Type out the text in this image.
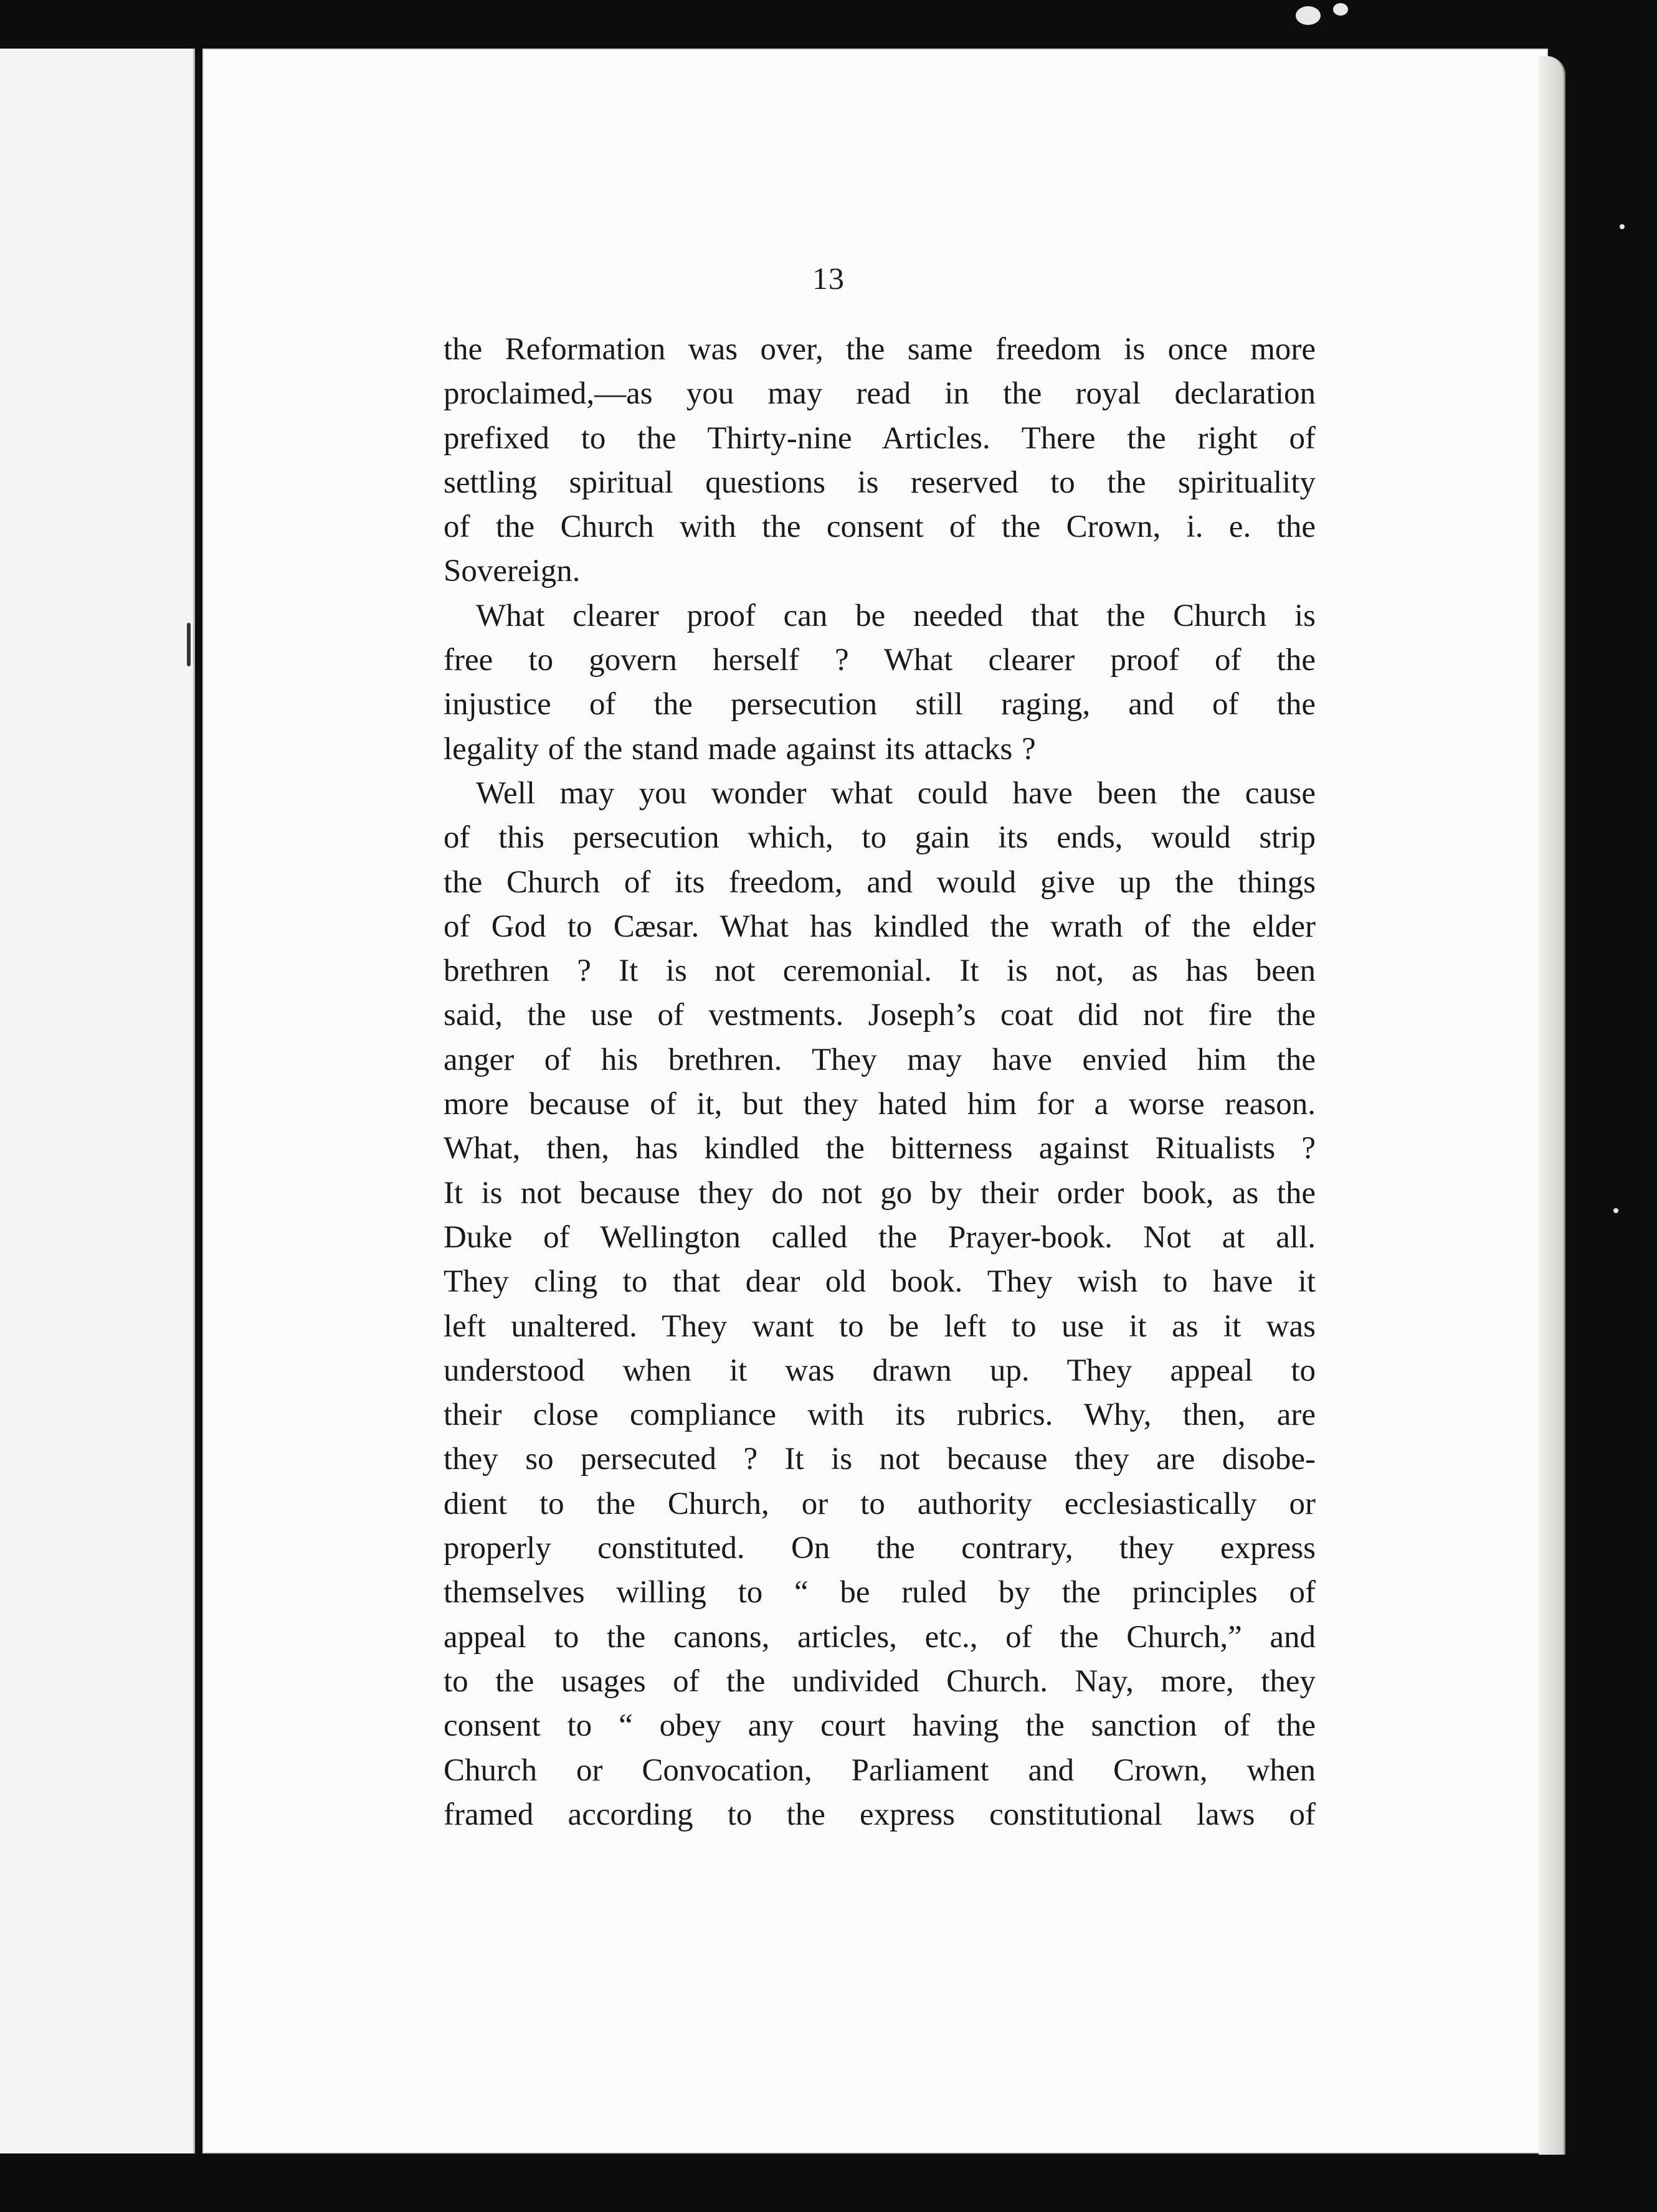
13
the Reformation was over, the same freedom is once more
proclaimed,—as you may read in the royal declaration
prefixed to the Thirty-nine Articles. There the right of
settling spiritual questions is reserved to the spirituality
of the Church with the consent of the Crown, i. e. the
Sovereign.
What clearer proof can be needed that the Church is
free to govern herself ? What clearer proof of the
injustice of the persecution still raging, and of the
legality of the stand made against its attacks ?
Well may you wonder what could have been the cause
of this persecution which, to gain its ends, would strip
the Church of its freedom, and would give up the things
of God to Cæsar. What has kindled the wrath of the elder
brethren ? It is not ceremonial. It is not, as has been
said, the use of vestments. Joseph’s coat did not fire the
anger of his brethren. They may have envied him the
more because of it, but they hated him for a worse reason.
What, then, has kindled the bitterness against Ritualists ?
It is not because they do not go by their order book, as the
Duke of Wellington called the Prayer-book. Not at all.
They cling to that dear old book. They wish to have it
left unaltered. They want to be left to use it as it was
understood when it was drawn up. They appeal to
their close compliance with its rubrics. Why, then, are
they so persecuted ? It is not because they are disobe-
dient to the Church, or to authority ecclesiastically or
properly constituted. On the contrary, they express
themselves willing to “ be ruled by the principles of
appeal to the canons, articles, etc., of the Church,” and
to the usages of the undivided Church. Nay, more, they
consent to “ obey any court having the sanction of the
Church or Convocation, Parliament and Crown, when
framed according to the express constitutional laws of
